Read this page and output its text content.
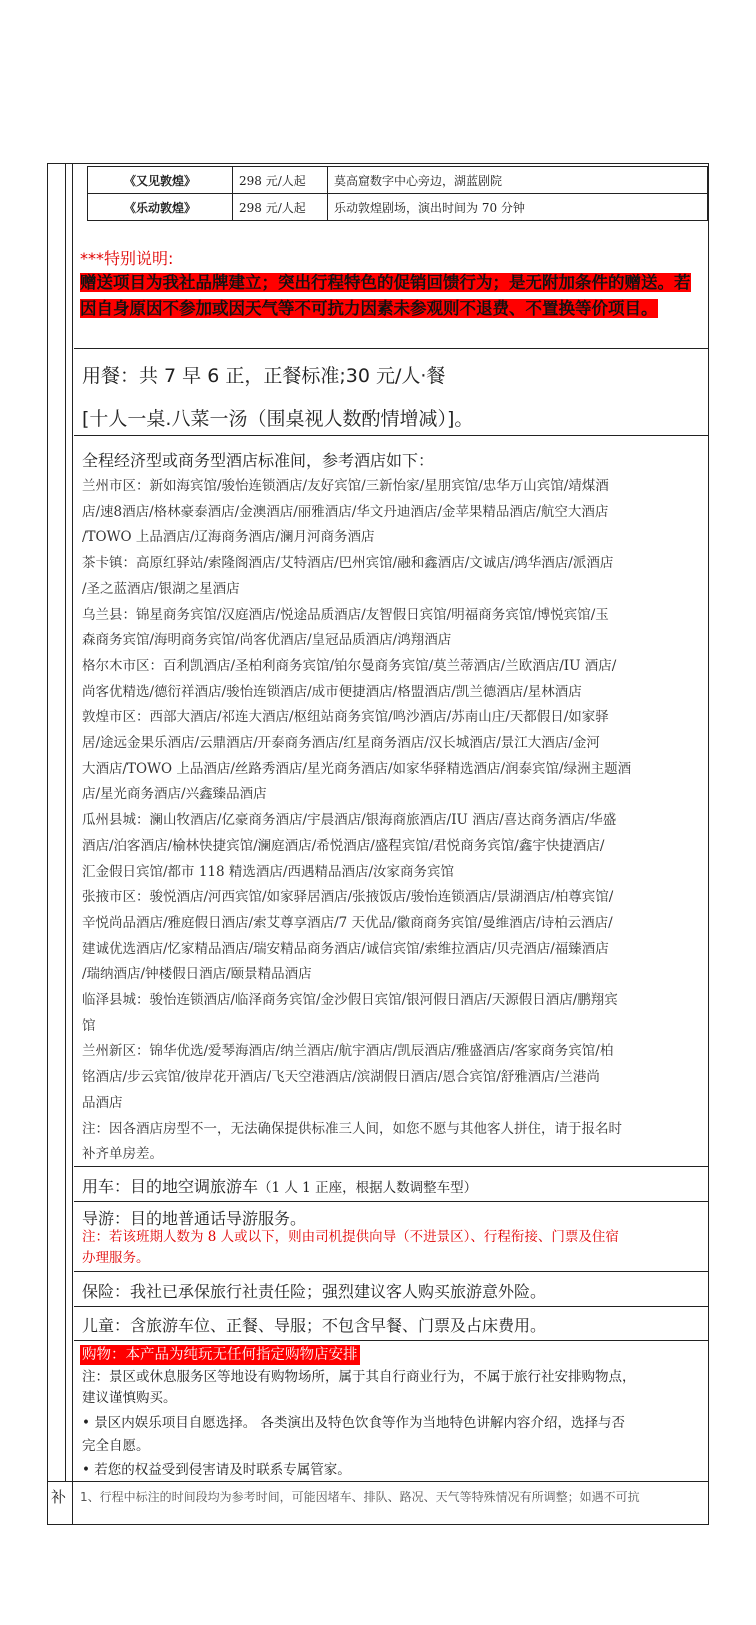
《又见敦煌》	298 元/人起	莫高窟数字中心旁边，湖蓝剧院
《乐动敦煌》	298 元/人起	乐动敦煌剧场，演出时间为 70 分钟
***特别说明:
赠送项目为我社品牌建立；突出行程特色的促销回馈行为；是无附加条件的赠送。若因自身原因不参加或因天气等不可抗力因素未参观则不退费、不置换等价项目。
用餐：共 7 早 6 正，正餐标准;30 元/人·餐
[十人一桌.八菜一汤（围桌视人数酌情增减）]。
全程经济型或商务型酒店标准间，参考酒店如下：
兰州市区：新如海宾馆/骏怡连锁酒店/友好宾馆/三新怡家/星朋宾馆/忠华万山宾馆/靖煤酒
店/速8酒店/格林豪泰酒店/金澳酒店/丽雅酒店/华文丹迪酒店/金苹果精品酒店/航空大酒店
/TOWO 上品酒店/辽海商务酒店/澜月河商务酒店
茶卡镇：高原红驿站/索隆阁酒店/艾特酒店/巴州宾馆/融和鑫酒店/文诚店/鸿华酒店/派酒店
/圣之蓝酒店/银湖之星酒店
乌兰县：锦星商务宾馆/汉庭酒店/悦途品质酒店/友智假日宾馆/明福商务宾馆/博悦宾馆/玉
森商务宾馆/海明商务宾馆/尚客优酒店/皇冠品质酒店/鸿翔酒店
格尔木市区：百利凯酒店/圣柏利商务宾馆/铂尔曼商务宾馆/莫兰蒂酒店/兰欧酒店/IU 酒店/
尚客优精选/德衍祥酒店/骏怡连锁酒店/成市便捷酒店/格盟酒店/凯兰德酒店/星林酒店
敦煌市区：西部大酒店/祁连大酒店/枢纽站商务宾馆/鸣沙酒店/苏南山庄/天都假日/如家驿
居/途远金果乐酒店/云鼎酒店/开泰商务酒店/红星商务酒店/汉长城酒店/景江大酒店/金河
大酒店/TOWO 上品酒店/丝路秀酒店/星光商务酒店/如家华驿精选酒店/润泰宾馆/绿洲主题酒
店/星光商务酒店/兴鑫臻品酒店
瓜州县城：澜山牧酒店/亿豪商务酒店/宇晨酒店/银海商旅酒店/IU 酒店/喜达商务酒店/华盛
酒店/泊客酒店/榆林快捷宾馆/澜庭酒店/希悦酒店/盛程宾馆/君悦商务宾馆/鑫宇快捷酒店/
汇金假日宾馆/都市 118 精选酒店/西遇精品酒店/汝家商务宾馆
张掖市区：骏悦酒店/河西宾馆/如家驿居酒店/张掖饭店/骏怡连锁酒店/景湖酒店/柏尊宾馆/
辛悦尚品酒店/雅庭假日酒店/索艾尊享酒店/7 天优品/徽商商务宾馆/曼维酒店/诗柏云酒店/
建诚优选酒店/忆家精品酒店/瑞安精品商务酒店/诚信宾馆/索维拉酒店/贝壳酒店/福臻酒店
/瑞纳酒店/钟楼假日酒店/颐景精品酒店
临泽县城：骏怡连锁酒店/临泽商务宾馆/金沙假日宾馆/银河假日酒店/天源假日酒店/鹏翔宾
馆
兰州新区：锦华优选/爱琴海酒店/纳兰酒店/航宇酒店/凯辰酒店/雅盛酒店/客家商务宾馆/柏
铭酒店/步云宾馆/彼岸花开酒店/飞天空港酒店/滨湖假日酒店/恩合宾馆/舒雅酒店/兰港尚
品酒店
注：因各酒店房型不一，无法确保提供标准三人间，如您不愿与其他客人拼住，请于报名时
补齐单房差。
用车：目的地空调旅游车（1 人 1 正座，根据人数调整车型）
导游：目的地普通话导游服务。
注：若该班期人数为 8 人或以下，则由司机提供向导（不进景区）、行程衔接、门票及住宿
办理服务。
保险：我社已承保旅行社责任险；强烈建议客人购买旅游意外险。
儿童：含旅游车位、正餐、导服；不包含早餐、门票及占床费用。
购物：本产品为纯玩无任何指定购物店安排
注：景区或休息服务区等地设有购物场所，属于其自行商业行为，不属于旅行社安排购物点，
建议谨慎购买。
• 景区内娱乐项目自愿选择。 各类演出及特色饮食等作为当地特色讲解内容介绍，选择与否
完全自愿。
• 若您的权益受到侵害请及时联系专属管家。
补 1、行程中标注的时间段均为参考时间，可能因堵车、排队、路况、天气等特殊情况有所调整；如遇不可抗
